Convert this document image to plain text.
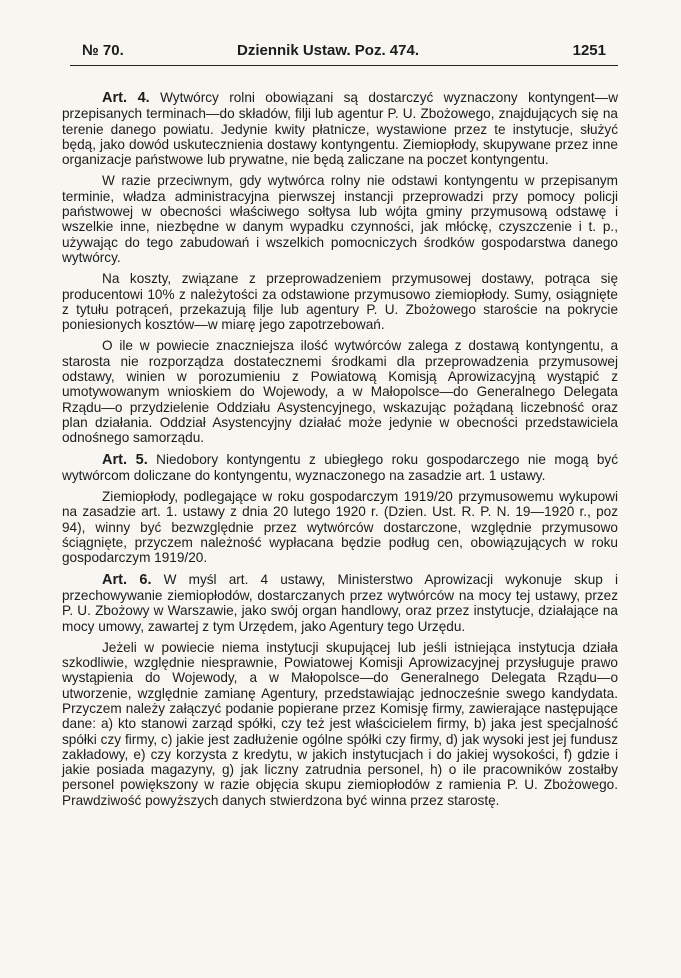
№ 70.	Dziennik Ustaw. Poz. 474.	1251

Art. 4. Wytwórcy rolni obowiązani są dostarczyć wyznaczony kontyngent—w przepisanych terminach—do składów, filji lub agentur P. U. Zbożowego, znajdujących się na terenie danego powiatu. Jedynie kwity płatnicze, wystawione przez te instytucje, służyć będą, jako dowód uskutecznienia dostawy kontyngentu. Ziemiopłody, skupywane przez inne organizacje państwowe lub prywatne, nie będą zaliczane na poczet kontyngentu.

W razie przeciwnym, gdy wytwórca rolny nie odstawi kontyngentu w przepisanym terminie, władza administracyjna pierwszej instancji przeprowadzi przy pomocy policji państwowej w obecności właściwego sołtysa lub wójta gminy przymusową odstawę i wszelkie inne, niezbędne w danym wypadku czynności, jak młóckę, czyszczenie i t. p., używając do tego zabudowań i wszelkich pomocniczych środków gospodarstwa danego wytwórcy.

Na koszty, związane z przeprowadzeniem przymusowej dostawy, potrąca się producentowi 10% z należytości za odstawione przymusowo ziemiopłody. Sumy, osiągnięte z tytułu potrąceń, przekazują filje lub agentury P. U. Zbożowego staroście na pokrycie poniesionych kosztów—w miarę jego zapotrzebowań.

O ile w powiecie znaczniejsza ilość wytwórców zalega z dostawą kontyngentu, a starosta nie rozporządza dostatecznemi środkami dla przeprowadzenia przymusowej odstawy, winien w porozumieniu z Powiatową Komisją Aprowizacyjną wystąpić z umotywowanym wnioskiem do Wojewody, a w Małopolsce—do Generalnego Delegata Rządu—o przydzielenie Oddziału Asystencyjnego, wskazując pożądaną liczebność oraz plan działania. Oddział Asystencyjny działać może jedynie w obecności przedstawiciela odnośnego samorządu.

Art. 5. Niedobory kontyngentu z ubiegłego roku gospodarczego nie mogą być wytwórcom doliczane do kontyngentu, wyznaczonego na zasadzie art. 1 ustawy.

Ziemiopłody, podlegające w roku gospodarczym 1919/20 przymusowemu wykupowi na zasadzie art. 1. ustawy z dnia 20 lutego 1920 r. (Dzien. Ust. R. P. N. 19—1920 r., poz 94), winny być bezwzględnie przez wytwórców dostarczone, względnie przymusowo ściągnięte, przyczem należność wypłacana będzie podług cen, obowiązujących w roku gospodarczym 1919/20.

Art. 6. W myśl art. 4 ustawy, Ministerstwo Aprowizacji wykonuje skup i przechowywanie ziemiopłodów, dostarczanych przez wytwórców na mocy tej ustawy, przez P. U. Zbożowy w Warszawie, jako swój organ handlowy, oraz przez instytucje, działające na mocy umowy, zawartej z tym Urzędem, jako Agentury tego Urzędu.

Jeżeli w powiecie niema instytucji skupującej lub jeśli istniejąca instytucja działa szkodliwie, względnie niesprawnie, Powiatowej Komisji Aprowizacyjnej przysługuje prawo wystąpienia do Wojewody, a w Małopolsce—do Generalnego Delegata Rządu—o utworzenie, względnie zamianę Agentury, przedstawiając jednocześnie swego kandydata. Przyczem należy załączyć podanie popierane przez Komisję firmy, zawierające następujące dane: a) kto stanowi zarząd spółki, czy też jest właścicielem firmy, b) jaka jest specjalność spółki czy firmy, c) jakie jest zadłużenie ogólne spółki czy firmy, d) jak wysoki jest jej fundusz zakładowy, e) czy korzysta z kredytu, w jakich instytucjach i do jakiej wysokości, f) gdzie i jakie posiada magazyny, g) jak liczny zatrudnia personel, h) o ile pracowników zostałby personel powiększony w razie objęcia skupu ziemiopłodów z ramienia P. U. Zbożowego. Prawdziwość powyższych danych stwierdzona być winna przez starostę.
